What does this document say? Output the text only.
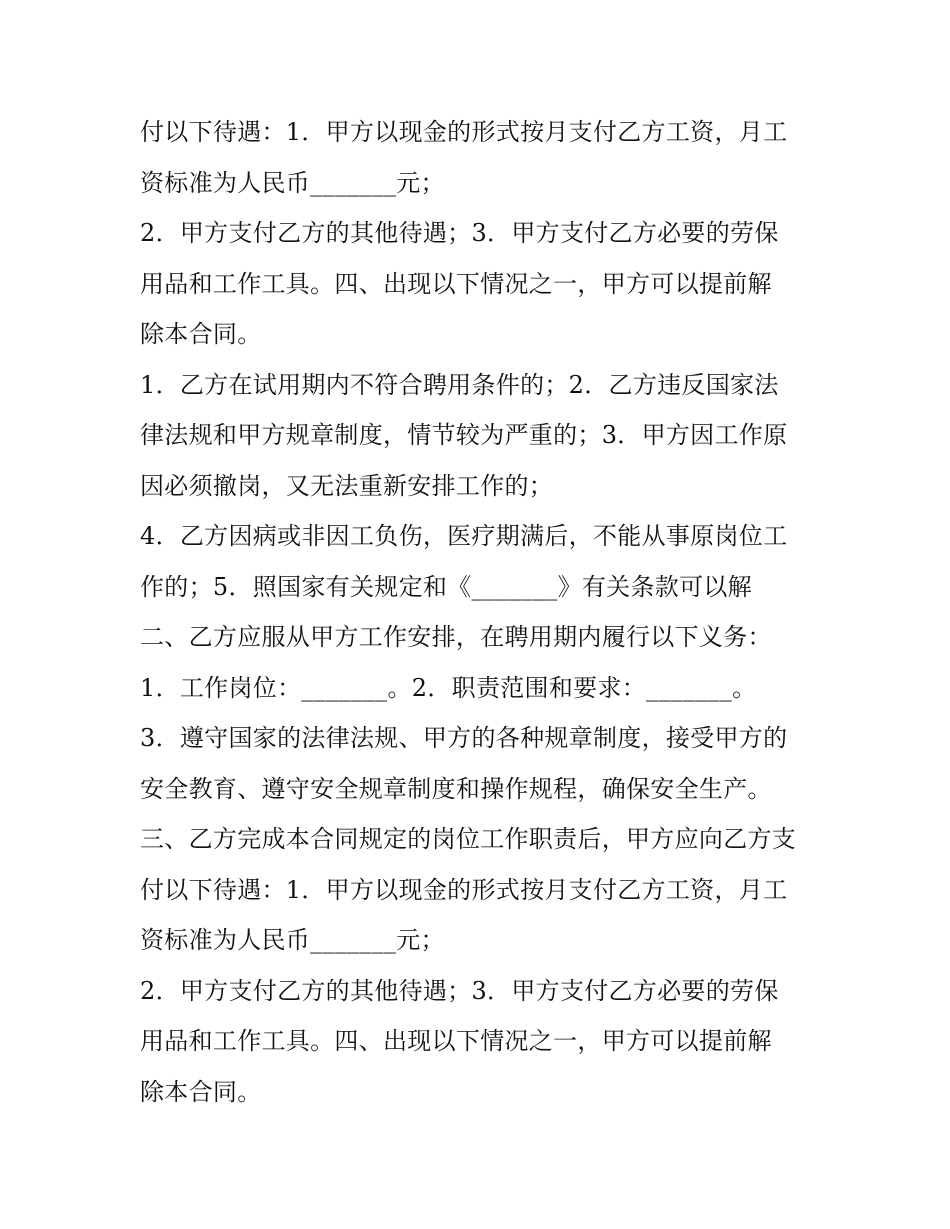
付以下待遇：1．甲方以现金的形式按月支付乙方工资，月工
资标准为人民币_______元；
2．甲方支付乙方的其他待遇；3．甲方支付乙方必要的劳保
用品和工作工具。四、出现以下情况之一，甲方可以提前解
除本合同。
1．乙方在试用期内不符合聘用条件的；2．乙方违反国家法
律法规和甲方规章制度，情节较为严重的；3．甲方因工作原
因必须撤岗，又无法重新安排工作的；
4．乙方因病或非因工负伤，医疗期满后，不能从事原岗位工
作的；5．照国家有关规定和《_______》有关条款可以解
二、乙方应服从甲方工作安排，在聘用期内履行以下义务：
1．工作岗位：_______。2．职责范围和要求：_______。
3．遵守国家的法律法规、甲方的各种规章制度，接受甲方的
安全教育、遵守安全规章制度和操作规程，确保安全生产。
三、乙方完成本合同规定的岗位工作职责后，甲方应向乙方支
付以下待遇：1．甲方以现金的形式按月支付乙方工资，月工
资标准为人民币_______元；
2．甲方支付乙方的其他待遇；3．甲方支付乙方必要的劳保
用品和工作工具。四、出现以下情况之一，甲方可以提前解
除本合同。
